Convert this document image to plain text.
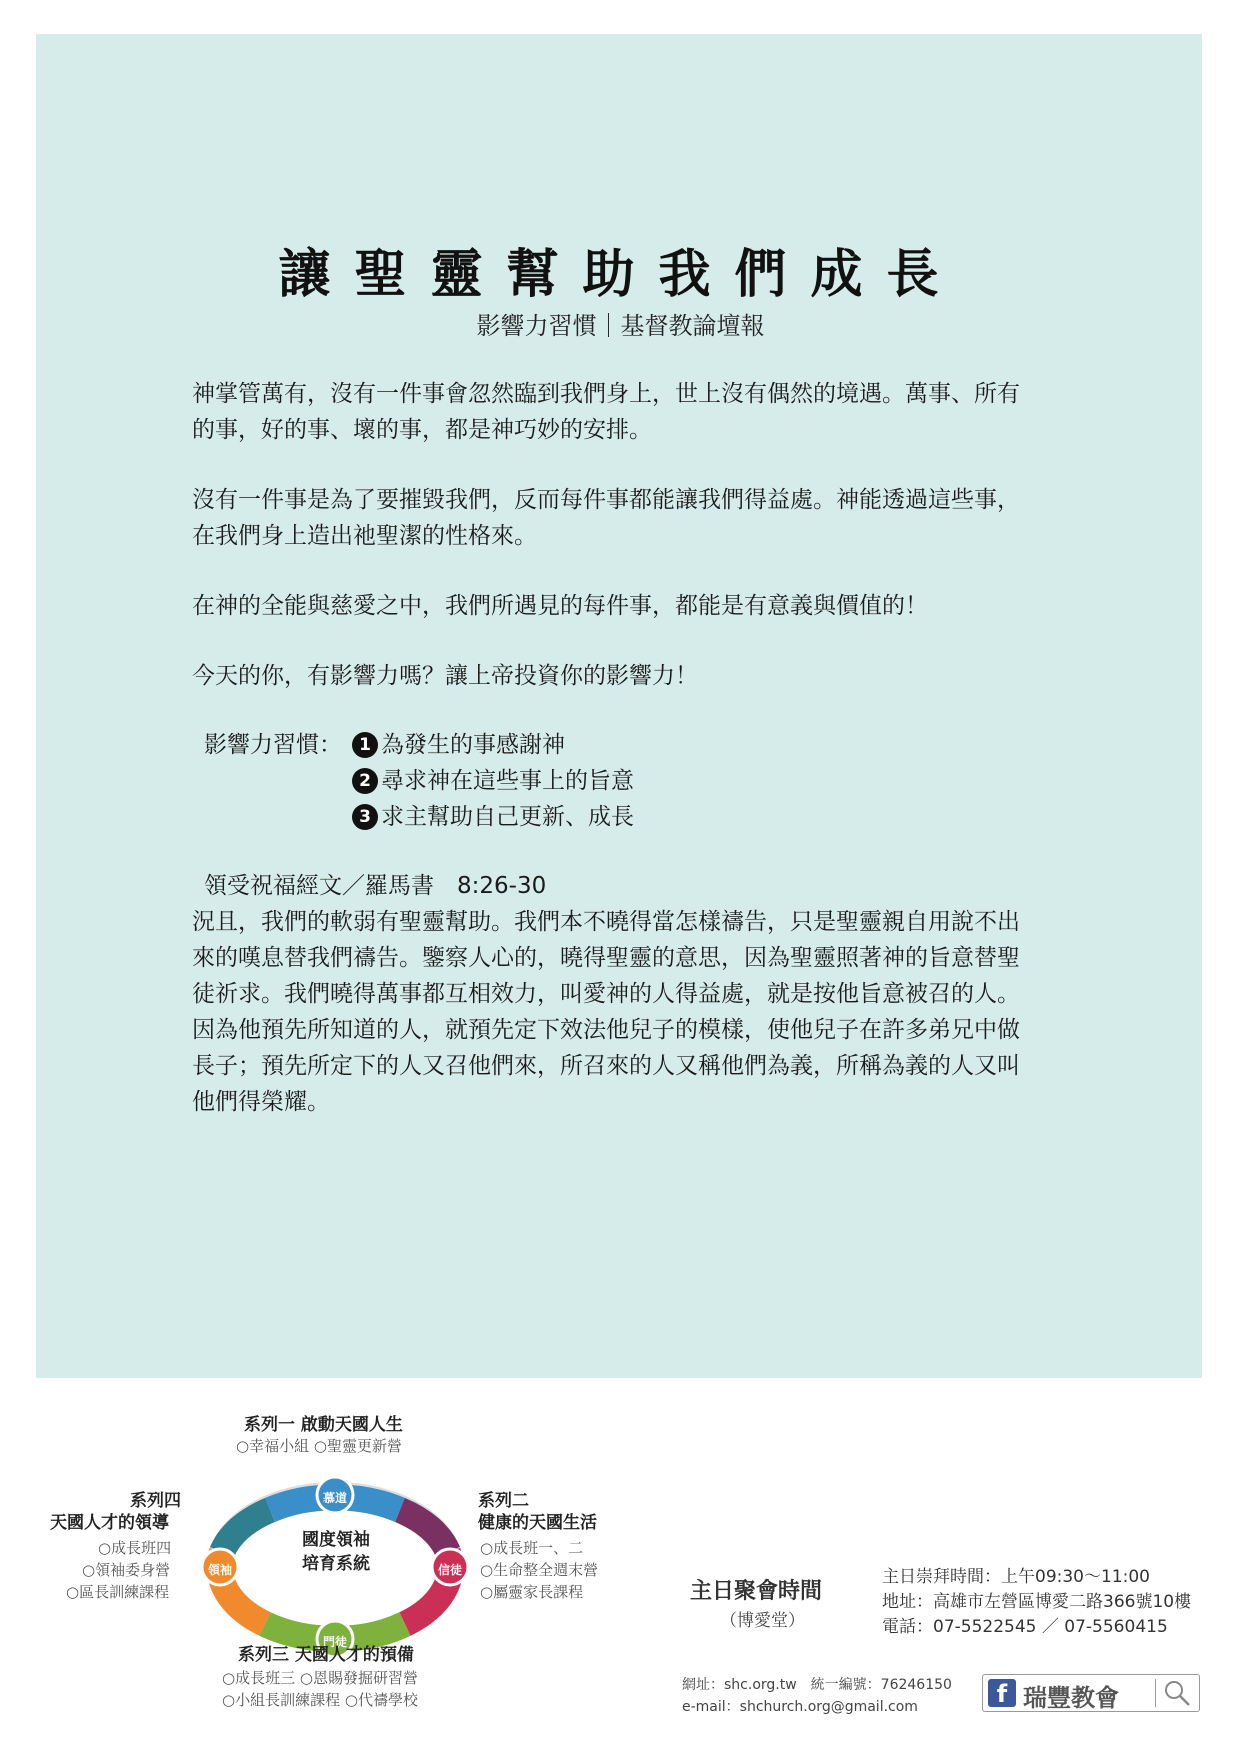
讓聖靈幫助我們成長
影響力習慣｜基督教論壇報
神掌管萬有，沒有一件事會忽然臨到我們身上，世上沒有偶然的境遇。萬事、所有的事，好的事、壞的事，都是神巧妙的安排。
沒有一件事是為了要摧毀我們，反而每件事都能讓我們得益處。神能透過這些事，在我們身上造出祂聖潔的性格來。
在神的全能與慈愛之中，我們所遇見的每件事，都能是有意義與價值的！
今天的你，有影響力嗎？讓上帝投資你的影響力！
影響力習慣：	1 為發生的事感謝神
2 尋求神在這些事上的旨意
3 求主幫助自己更新、成長
領受祝福經文／羅馬書　8:26-30
況且，我們的軟弱有聖靈幫助。我們本不曉得當怎樣禱告，只是聖靈親自用說不出來的嘆息替我們禱告。鑒察人心的，曉得聖靈的意思，因為聖靈照著神的旨意替聖徒祈求。我們曉得萬事都互相效力，叫愛神的人得益處，就是按他旨意被召的人。因為他預先所知道的人，就預先定下效法他兒子的模樣，使他兒子在許多弟兄中做長子；預先所定下的人又召他們來，所召來的人又稱他們為義，所稱為義的人又叫他們得榮耀。
慕道
信徒
門徒
領袖
國度領袖
培育系統
系列一 啟動天國人生
○幸福小組 ○聖靈更新營
系列二
健康的天國生活
○成長班一、二
○生命整全週末營
○屬靈家長課程
系列三 天國人才的預備
○成長班三 ○恩賜發掘研習營
○小組長訓練課程 ○代禱學校
系列四
天國人才的領導
○成長班四
○領袖委身營
○區長訓練課程	主日聚會時間
（博愛堂）
主日崇拜時間：上午09:30～11:00
地址：高雄市左營區博愛二路366號10樓
電話：07-5522545 ／ 07-5560415
網址：shc.org.tw　統一編號：76246150
e-mail：shchurch.org@gmail.com	f 瑞豐教會
